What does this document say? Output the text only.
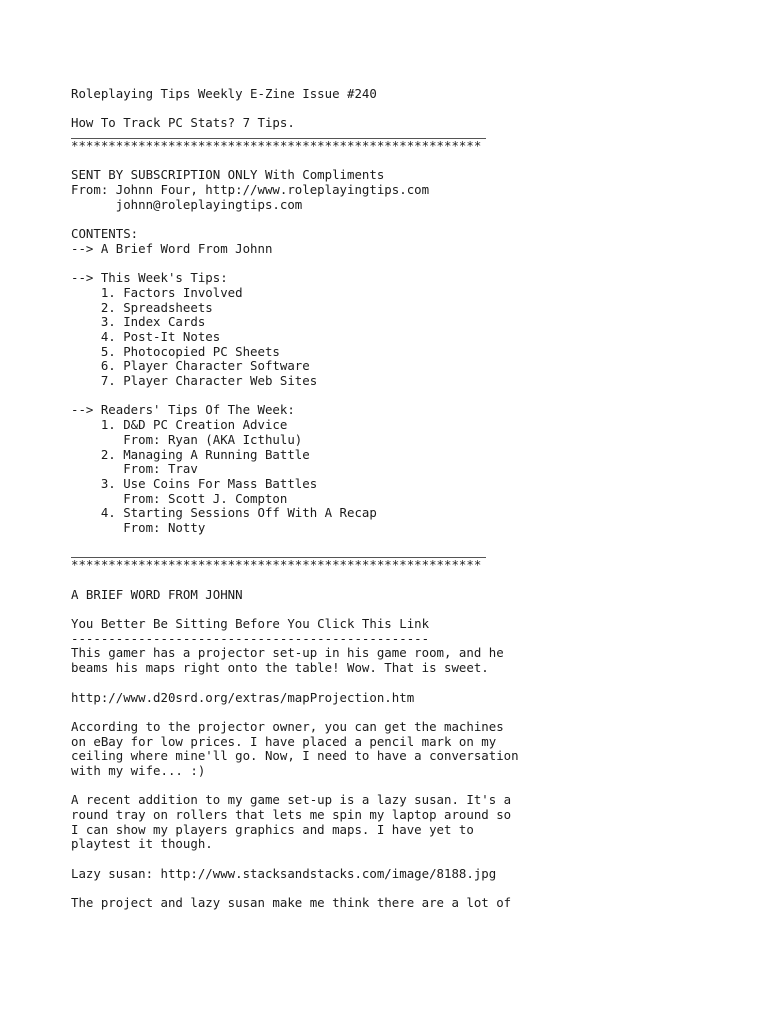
Roleplaying Tips Weekly E-Zine Issue #240
How To Track PC Stats? 7 Tips.
*******************************************************
SENT BY SUBSCRIPTION ONLY With Compliments
From: Johnn Four, http://www.roleplayingtips.com
johnn@roleplayingtips.com
CONTENTS:
--> A Brief Word From Johnn
--> This Week's Tips:
1. Factors Involved
2. Spreadsheets
3. Index Cards
4. Post-It Notes
5. Photocopied PC Sheets
6. Player Character Software
7. Player Character Web Sites
--> Readers' Tips Of The Week:
1. D&D PC Creation Advice
From: Ryan (AKA Icthulu)
2. Managing A Running Battle
From: Trav
3. Use Coins For Mass Battles
From: Scott J. Compton
4. Starting Sessions Off With A Recap
From: Notty
*******************************************************
A BRIEF WORD FROM JOHNN
You Better Be Sitting Before You Click This Link
------------------------------------------------
This gamer has a projector set-up in his game room, and he
beams his maps right onto the table! Wow. That is sweet.
http://www.d20srd.org/extras/mapProjection.htm
According to the projector owner, you can get the machines
on eBay for low prices. I have placed a pencil mark on my
ceiling where mine'll go. Now, I need to have a conversation
with my wife... :)
A recent addition to my game set-up is a lazy susan. It's a
round tray on rollers that lets me spin my laptop around so
I can show my players graphics and maps. I have yet to
playtest it though.
Lazy susan: http://www.stacksandstacks.com/image/8188.jpg
The project and lazy susan make me think there are a lot of
